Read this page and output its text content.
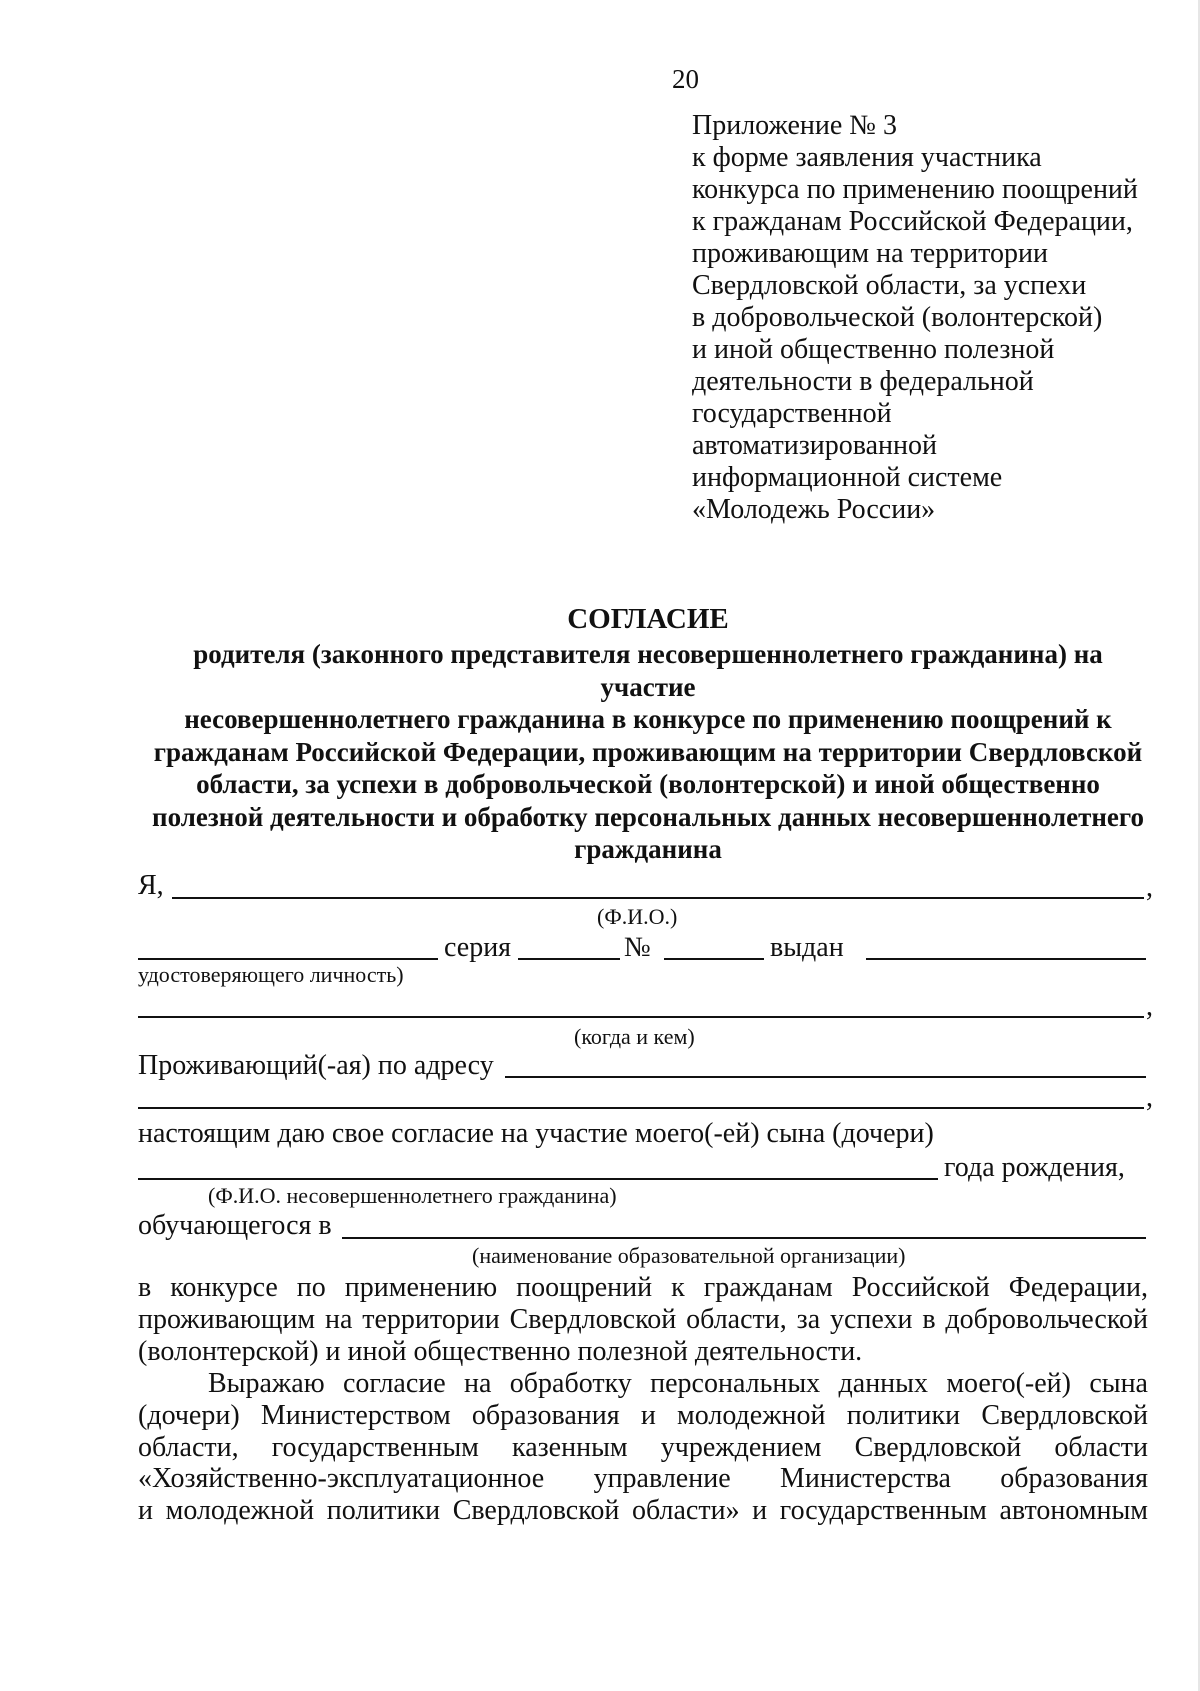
20
Приложение № 3
к форме заявления участника
конкурса по применению поощрений
к гражданам Российской Федерации,
проживающим на территории
Свердловской области, за успехи
в добровольческой (волонтерской)
и иной общественно полезной
деятельности в федеральной
государственной
автоматизированной
информационной системе
«Молодежь России»
СОГЛАСИЕ
родителя (законного представителя несовершеннолетнего гражданина) на участие
несовершеннолетнего гражданина в конкурсе по применению поощрений к
гражданам Российской Федерации, проживающим на территории Свердловской
области, за успехи в добровольческой (волонтерской) и иной общественно
полезной деятельности и обработку персональных данных несовершеннолетнего
гражданина
Я,	,
(Ф.И.О.)
серия	№	выдан
удостоверяющего личность)
,
(когда и кем)
Проживающий(-ая) по адресу
,
настоящим даю свое согласие на участие моего(-ей) сына (дочери)
года рождения,
(Ф.И.О. несовершеннолетнего гражданина)
обучающегося в
(наименование образовательной организации)
в конкурсе по применению поощрений к гражданам Российской Федерации,
проживающим на территории Свердловской области, за успехи в добровольческой
(волонтерской) и иной общественно полезной деятельности.
Выражаю согласие на обработку персональных данных моего(-ей) сына
(дочери) Министерством образования и молодежной политики Свердловской
области, государственным казенным учреждением Свердловской области
«Хозяйственно-эксплуатационное управление Министерства образования
и молодежной политики Свердловской области» и государственным автономным
